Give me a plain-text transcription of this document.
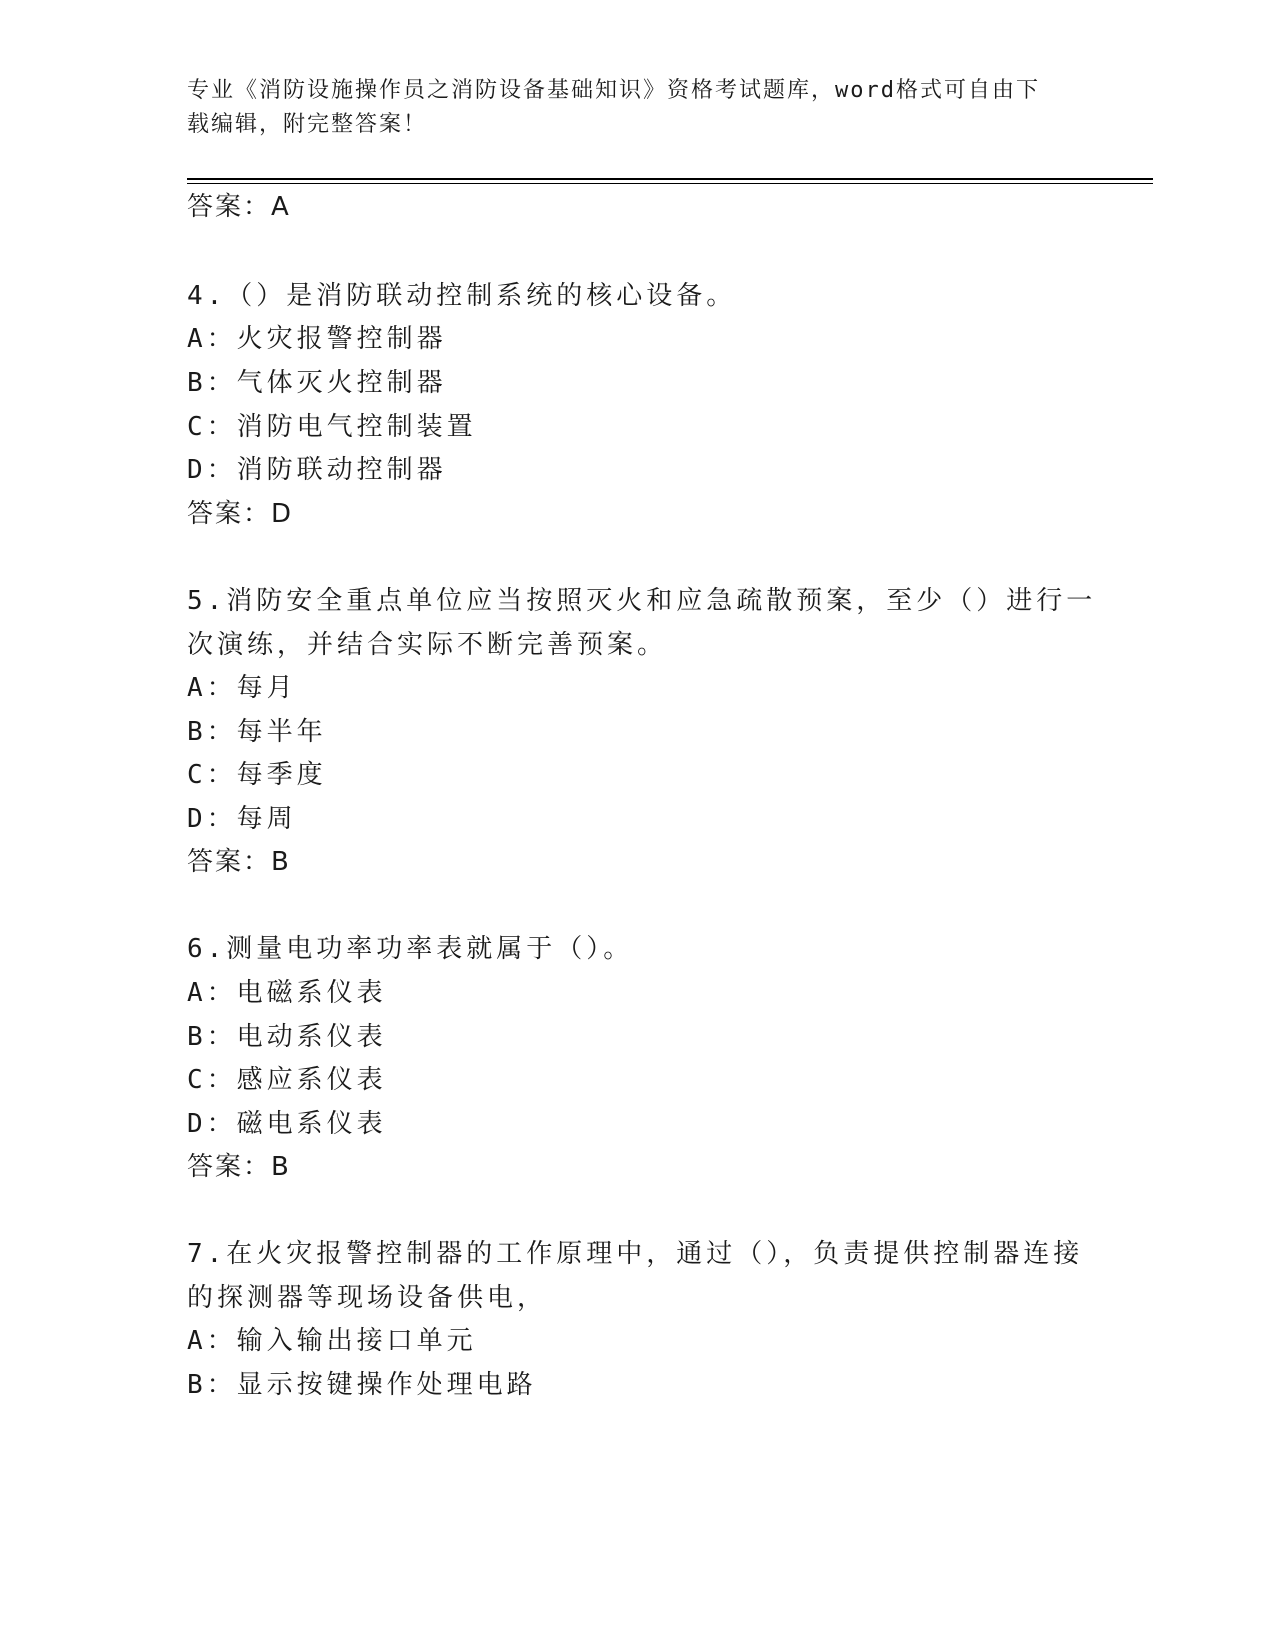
专业《消防设施操作员之消防设备基础知识》资格考试题库，word格式可自由下
载编辑，附完整答案！
答案：A
4.（）是消防联动控制系统的核心设备。
A：火灾报警控制器
B：气体灭火控制器
C：消防电气控制装置
D：消防联动控制器
答案：D
5.消防安全重点单位应当按照灭火和应急疏散预案，至少（）进行一
次演练，并结合实际不断完善预案。
A：每月
B：每半年
C：每季度
D：每周
答案：B
6.测量电功率功率表就属于（）。
A：电磁系仪表
B：电动系仪表
C：感应系仪表
D：磁电系仪表
答案：B
7.在火灾报警控制器的工作原理中，通过（），负责提供控制器连接
的探测器等现场设备供电，
A：输入输出接口单元
B：显示按键操作处理电路
